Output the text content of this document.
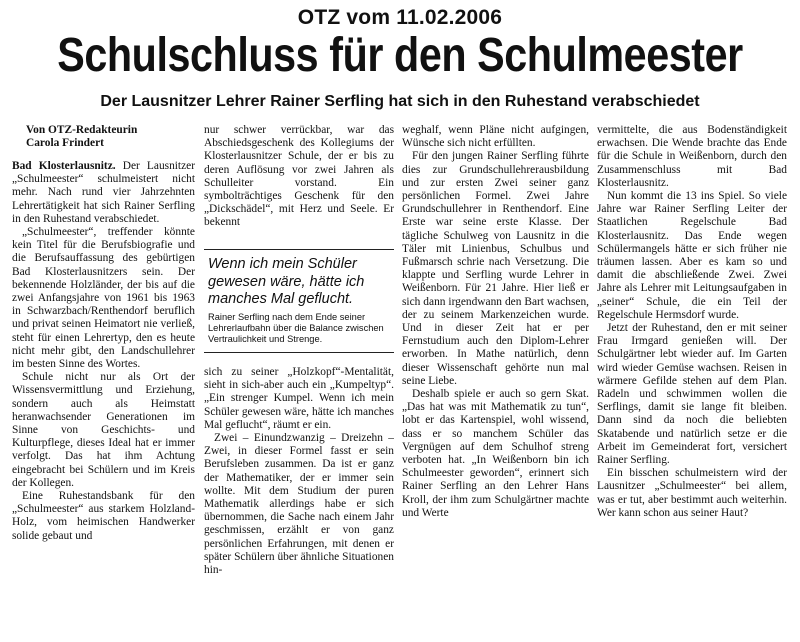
OTZ vom 11.02.2006
Schulschluss für den Schulmeester
Der Lausnitzer Lehrer Rainer Serfling hat sich in den Ruhestand verabschiedet
Von OTZ-Redakteurin
Carola Frindert

Bad Klosterlausnitz. Der Lausnitzer „Schulmeester“ schulmeistert nicht mehr. Nach rund vier Jahrzehnten Lehrertätigkeit hat sich Rainer Serfling in den Ruhestand verabschiedet.

„Schulmeester“, treffender könnte kein Titel für die Berufsbiografie und die Berufsauffassung des gebürtigen Bad Klosterlausnitzers sein. Der bekennende Holzländer, der bis auf die zwei Anfangsjahre von 1961 bis 1963 in Schwarzbach/Renthendorf beruflich und privat seinen Heimatort nie verließ, steht für einen Lehrertyp, den es heute nicht mehr gibt, den Landschullehrer im besten Sinne des Wortes.

Schule nicht nur als Ort der Wissensvermittlung und Erziehung, sondern auch als Heimstatt heranwachsender Generationen im Sinne von Geschichts- und Kulturpflege, dieses Ideal hat er immer verfolgt. Das hat ihm Achtung eingebracht bei Schülern und im Kreis der Kollegen.

Eine Ruhestandsbank für den „Schulmeester“ aus starkem Holzland-Holz, vom heimischen Handwerker solide gebaut und

nur schwer verrückbar, war das Abschiedsgeschenk des Kollegiums der Klosterlausnitzer Schule, der er bis zu deren Auflösung vor zwei Jahren als Schulleiter vorstand. Ein symbolträchtiges Geschenk für den „Dickschädel“, mit Herz und Seele. Er bekennt

Wenn ich mein Schüler gewesen wäre, hätte ich manches Mal geflucht.
Rainer Serfling nach dem Ende seiner Lehrerlaufbahn über die Balance zwischen Vertraulichkeit und Strenge.

sich zu seiner „Holzkopf“-Mentalität, sieht in sich-aber auch ein „Kumpeltyp“. „Ein strenger Kumpel. Wenn ich mein Schüler gewesen wäre, hätte ich manches Mal geflucht“, räumt er ein.

Zwei – Einundzwanzig – Dreizehn – Zwei, in dieser Formel fasst er sein Berufsleben zusammen. Da ist er ganz der Mathematiker, der er immer sein wollte. Mit dem Studium der puren Mathematik allerdings habe er sich übernommen, die Sache nach einem Jahr geschmissen, erzählt er von ganz persönlichen Erfahrungen, mit denen er später Schülern über ähnliche Situationen hin-

weghalf, wenn Pläne nicht aufgingen, Wünsche sich nicht erfüllten.

Für den jungen Rainer Serfling führte dies zur Grundschullehrerausbildung und zur ersten Zwei seiner ganz persönlichen Formel. Zwei Jahre Grundschullehrer in Renthendorf. Eine Erste war seine erste Klasse. Der tägliche Schulweg von Lausnitz in die Täler mit Linienbus, Schulbus und Fußmarsch schrie nach Versetzung. Die klappte und Serfling wurde Lehrer in Weißenborn. Für 21 Jahre. Hier ließ er sich dann irgendwann den Bart wachsen, der zu seinem Markenzeichen wurde. Und in dieser Zeit hat er per Fernstudium auch den Diplom-Lehrer erworben. In Mathe natürlich, denn dieser Wissenschaft gehörte nun mal seine Liebe.

Deshalb spiele er auch so gern Skat. „Das hat was mit Mathematik zu tun“, lobt er das Kartenspiel, wohl wissend, dass er so manchem Schüler das Vergnügen auf dem Schulhof streng verboten hat. „In Weißenborn bin ich Schulmeester geworden“, erinnert sich Rainer Serfling an den Lehrer Hans Kroll, der ihm zum Schulgärtner machte und Werte

vermittelte, die aus Bodenständigkeit erwachsen. Die Wende brachte das Ende für die Schule in Weißenborn, durch den Zusammenschluss mit Bad Klosterlausnitz.

Nun kommt die 13 ins Spiel. So viele Jahre war Rainer Serfling Leiter der Staatlichen Regelschule Bad Klosterlausnitz. Das Ende wegen Schülermangels hätte er sich früher nie träumen lassen. Aber es kam so und damit die abschließende Zwei. Zwei Jahre als Lehrer mit Leitungsaufgaben in „seiner“ Schule, die ein Teil der Regelschule Hermsdorf wurde.

Jetzt der Ruhestand, den er mit seiner Frau Irmgard genießen will. Der Schulgärtner lebt wieder auf. Im Garten wird wieder Gemüse wachsen. Reisen in wärmere Gefilde stehen auf dem Plan. Radeln und schwimmen wollen die Serflings, damit sie lange fit bleiben. Dann sind da noch die beliebten Skatabende und natürlich setze er die Arbeit im Gemeinderat fort, versichert Rainer Serfling.

Ein bisschen schulmeistern wird der Lausnitzer „Schulmeester“ bei allem, was er tut, aber bestimmt auch weiterhin. Wer kann schon aus seiner Haut?
